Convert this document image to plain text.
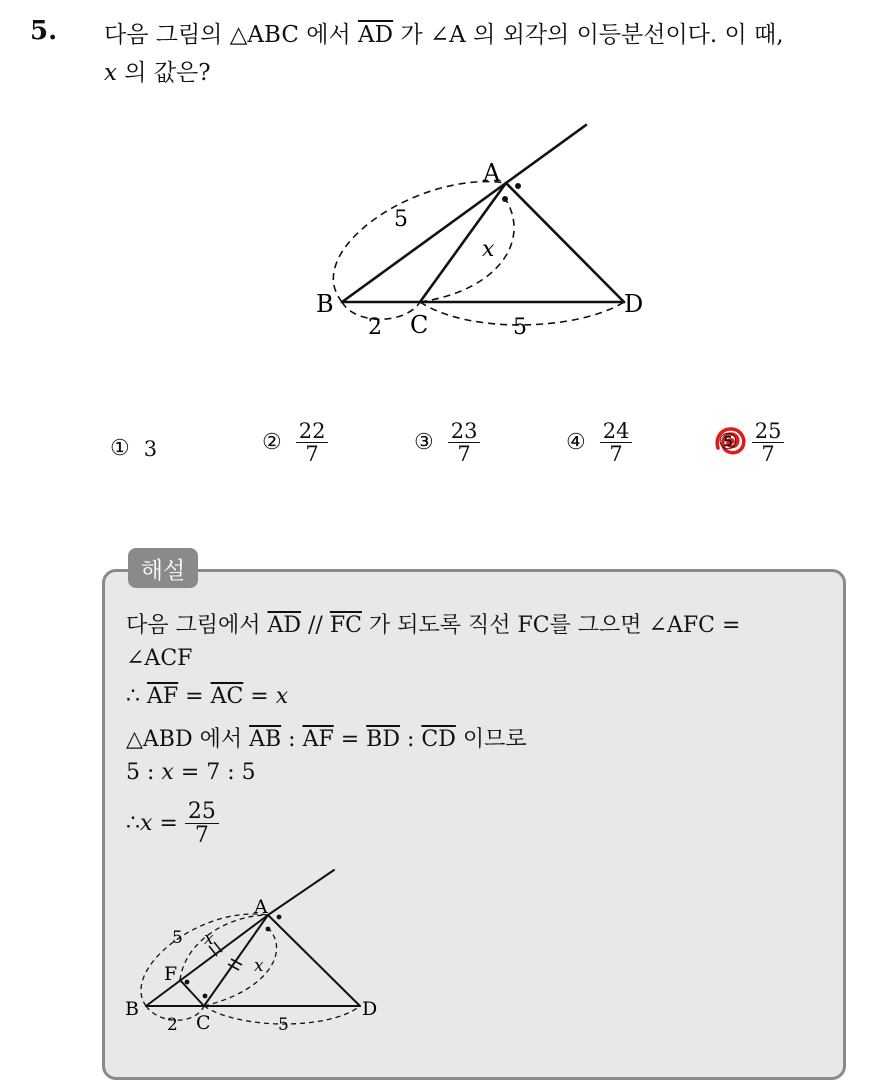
5. 다음 그림의 △ABC 에서 $\overline{AD}$ 가 ∠A 의 외각의 이등분선이다. 이 때,
x 의 값은?
A
B
C
D
5
x
2	5
① 3	② $\frac{22}{7}$	③ $\frac{23}{7}$	④ $\frac{24}{7}$	⑤ $\frac{25}{7}$
해설
다음 그림에서 $\overline{AD} // \overline{FC}$ 가 되도록 직선 FC를 그으면 ∠AFC =
∠ACF
∴ $\overline{AF} = \overline{AC} = x$
△ABD 에서 $\overline{AB}$ : $\overline{AF} = \overline{BD}$ : $\overline{CD}$ 이므로
5 : x = 7 : 5
∴ $x = \frac{25}{7}$
A
B
C
D
F
5 x
x
2	5
